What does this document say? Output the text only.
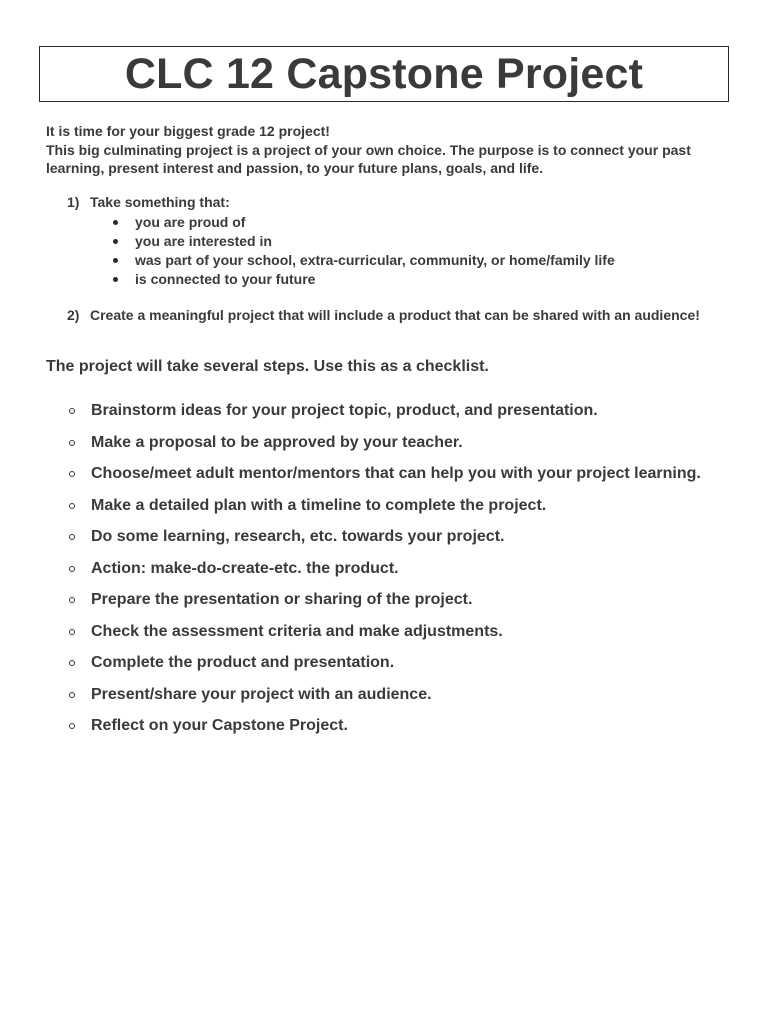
CLC 12 Capstone Project

It is time for your biggest grade 12 project!

This big culminating project is a project of your own choice. The purpose is to connect your past learning, present interest and passion, to your future plans, goals, and life.

1) Take something that:
you are proud of
you are interested in
was part of your school, extra-curricular, community, or home/family life
is connected to your future
2) Create a meaningful project that will include a product that can be shared with an audience!
The project will take several steps. Use this as a checklist.
Brainstorm ideas for your project topic, product, and presentation.
Make a proposal to be approved by your teacher.
Choose/meet adult mentor/mentors that can help you with your project learning.
Make a detailed plan with a timeline to complete the project.
Do some learning, research, etc. towards your project.
Action: make-do-create-etc. the product.
Prepare the presentation or sharing of the project.
Check the assessment criteria and make adjustments.
Complete the product and presentation.
Present/share your project with an audience.
Reflect on your Capstone Project.
